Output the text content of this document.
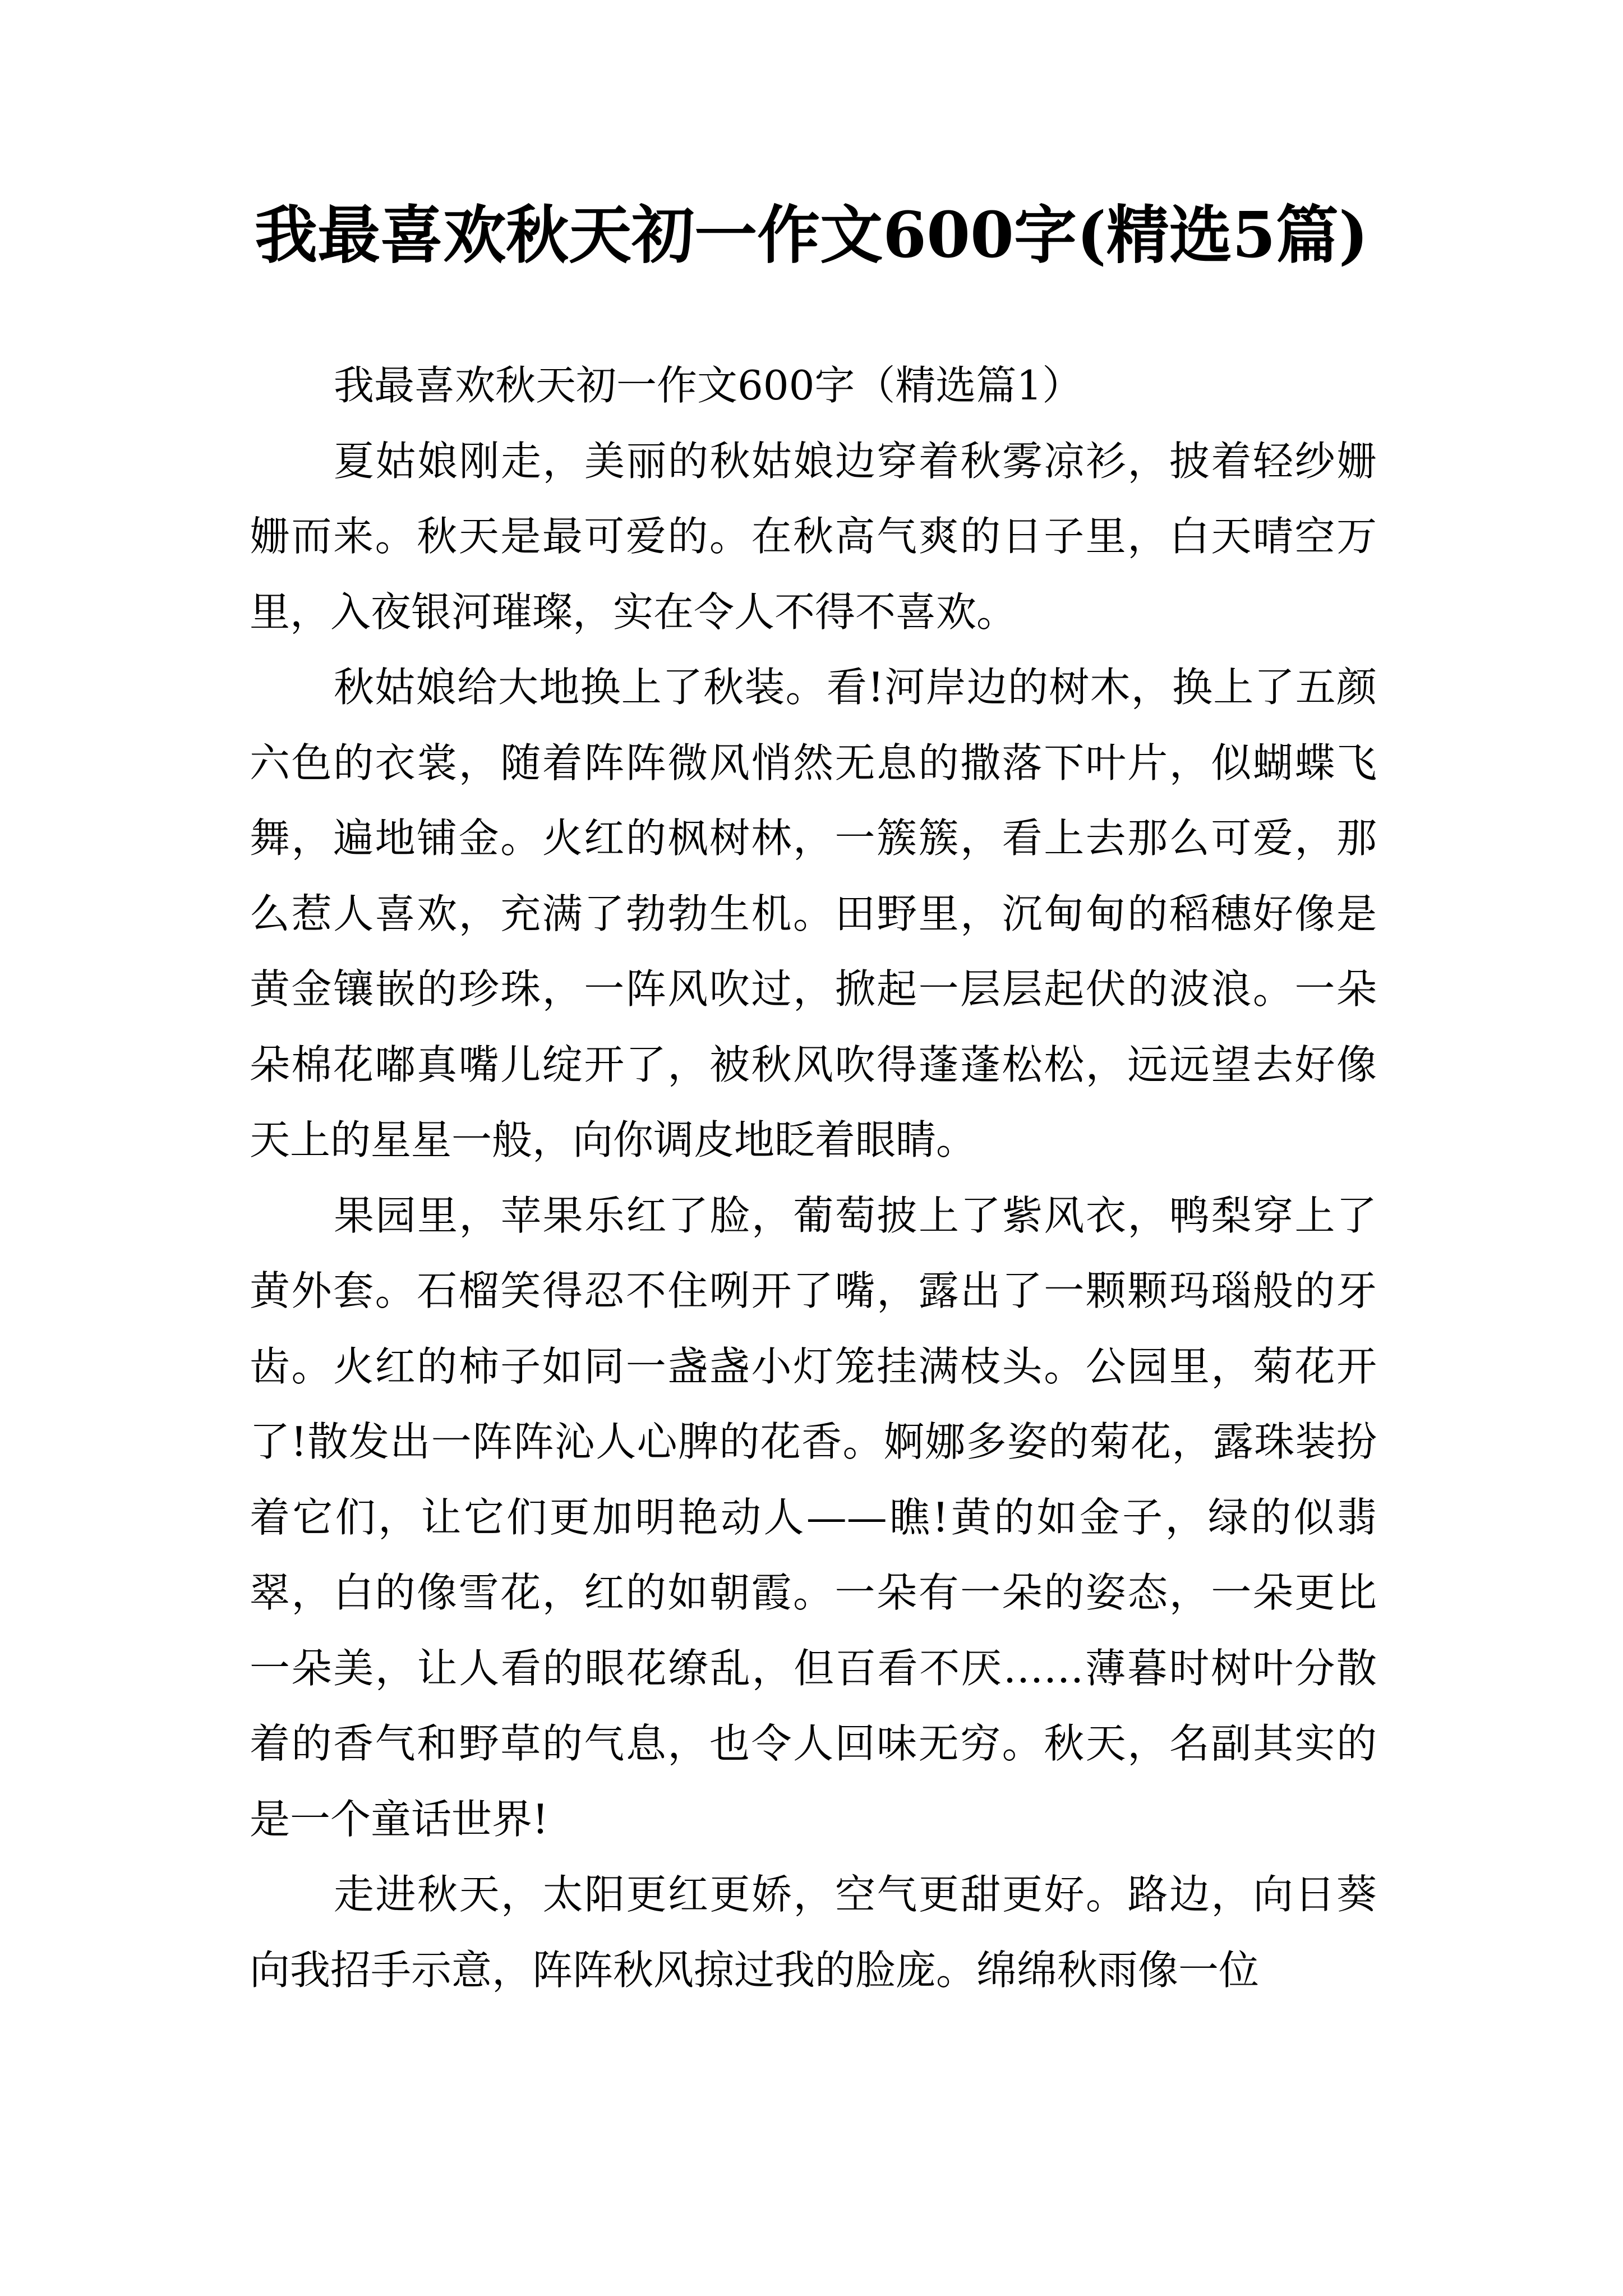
我最喜欢秋天初一作文600字(精选5篇)

我最喜欢秋天初一作文600字（精选篇1）

夏姑娘刚走，美丽的秋姑娘边穿着秋雾凉衫，披着轻纱姗姗而来。秋天是最可爱的。在秋高气爽的日子里，白天晴空万里，入夜银河璀璨，实在令人不得不喜欢。

秋姑娘给大地换上了秋装。看!河岸边的树木，换上了五颜六色的衣裳，随着阵阵微风悄然无息的撒落下叶片，似蝴蝶飞舞，遍地铺金。火红的枫树林，一簇簇，看上去那么可爱，那么惹人喜欢，充满了勃勃生机。田野里，沉甸甸的稻穗好像是黄金镶嵌的珍珠，一阵风吹过，掀起一层层起伏的波浪。一朵朵棉花嘟真嘴儿绽开了，被秋风吹得蓬蓬松松，远远望去好像天上的星星一般，向你调皮地眨着眼睛。

果园里，苹果乐红了脸，葡萄披上了紫风衣，鸭梨穿上了黄外套。石榴笑得忍不住咧开了嘴，露出了一颗颗玛瑙般的牙齿。火红的柿子如同一盏盏小灯笼挂满枝头。公园里，菊花开了!散发出一阵阵沁人心脾的花香。婀娜多姿的菊花，露珠装扮着它们，让它们更加明艳动人——瞧!黄的如金子，绿的似翡翠，白的像雪花，红的如朝霞。一朵有一朵的姿态，一朵更比一朵美，让人看的眼花缭乱，但百看不厌……薄暮时树叶分散着的香气和野草的气息，也令人回味无穷。秋天，名副其实的是一个童话世界!

走进秋天，太阳更红更娇，空气更甜更好。路边，向日葵向我招手示意，阵阵秋风掠过我的脸庞。绵绵秋雨像一位
